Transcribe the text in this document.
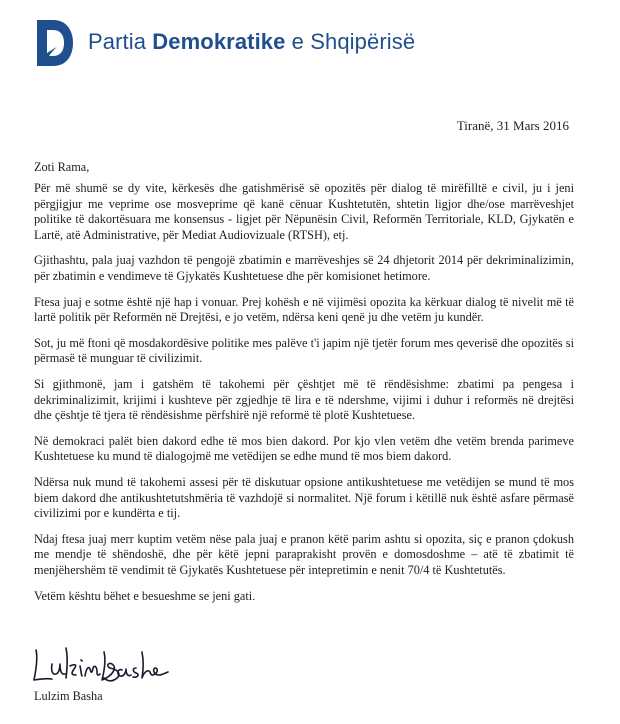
Partia Demokratike e Shqipërisë
Tiranë, 31 Mars 2016

Zoti Rama,

Për më shumë se dy vite, kërkesës dhe gatishmërisë së opozitës për dialog të mirëfilltë e civil, ju i jeni përgjigjur me veprime ose mosveprime që kanë cënuar Kushtetutën, shtetin ligjor dhe/ose marrëveshjet politike të dakortësuara me konsensus - ligjet për Nëpunësin Civil, Reformën Territoriale, KLD, Gjykatën e Lartë, atë Administrative, për Mediat Audiovizuale (RTSH), etj.

Gjithashtu, pala juaj vazhdon të pengojë zbatimin e marrëveshjes së 24 dhjetorit 2014 për dekriminalizimin, për zbatimin e vendimeve të Gjykatës Kushtetuese dhe për komisionet hetimore.

Ftesa juaj e sotme është një hap i vonuar. Prej kohësh e në vijimësi opozita ka kërkuar dialog të nivelit më të lartë politik për Reformën në Drejtësi, e jo vetëm, ndërsa keni qenë ju dhe vetëm ju kundër.

Sot, ju më ftoni që mosdakordësive politike mes palëve t'i japim një tjetër forum mes qeverisë dhe opozitës si përmasë të munguar të civilizimit.

Si gjithmonë, jam i gatshëm të takohemi për çështjet më të rëndësishme: zbatimi pa pengesa i dekriminalizimit, krijimi i kushteve për zgjedhje të lira e të ndershme, vijimi i duhur i reformës në drejtësi dhe çështje të tjera të rëndësishme përfshirë një reformë të plotë Kushtetuese.

Në demokraci palët bien dakord edhe të mos bien dakord. Por kjo vlen vetëm dhe vetëm brenda parimeve Kushtetuese ku mund të dialogojmë me vetëdijen se edhe mund të mos biem dakord.

Ndërsa nuk mund të takohemi assesi për të diskutuar opsione antikushtetuese me vetëdijen se mund të mos biem dakord dhe antikushtetutshmëria të vazhdojë si normalitet. Një forum i këtillë nuk është asfare përmasë civilizimi por e kundërta e tij.

Ndaj ftesa juaj merr kuptim vetëm nëse pala juaj e pranon këtë parim ashtu si opozita, siç e pranon çdokush me mendje të shëndoshë, dhe për këtë jepni paraprakisht provën e domosdoshme – atë të zbatimit të menjëhershëm të vendimit të Gjykatës Kushtetuese për intepretimin e nenit 70/4 të Kushtetutës.

Vetëm kështu bëhet e besueshme se jeni gati.

Lulzim Basha
